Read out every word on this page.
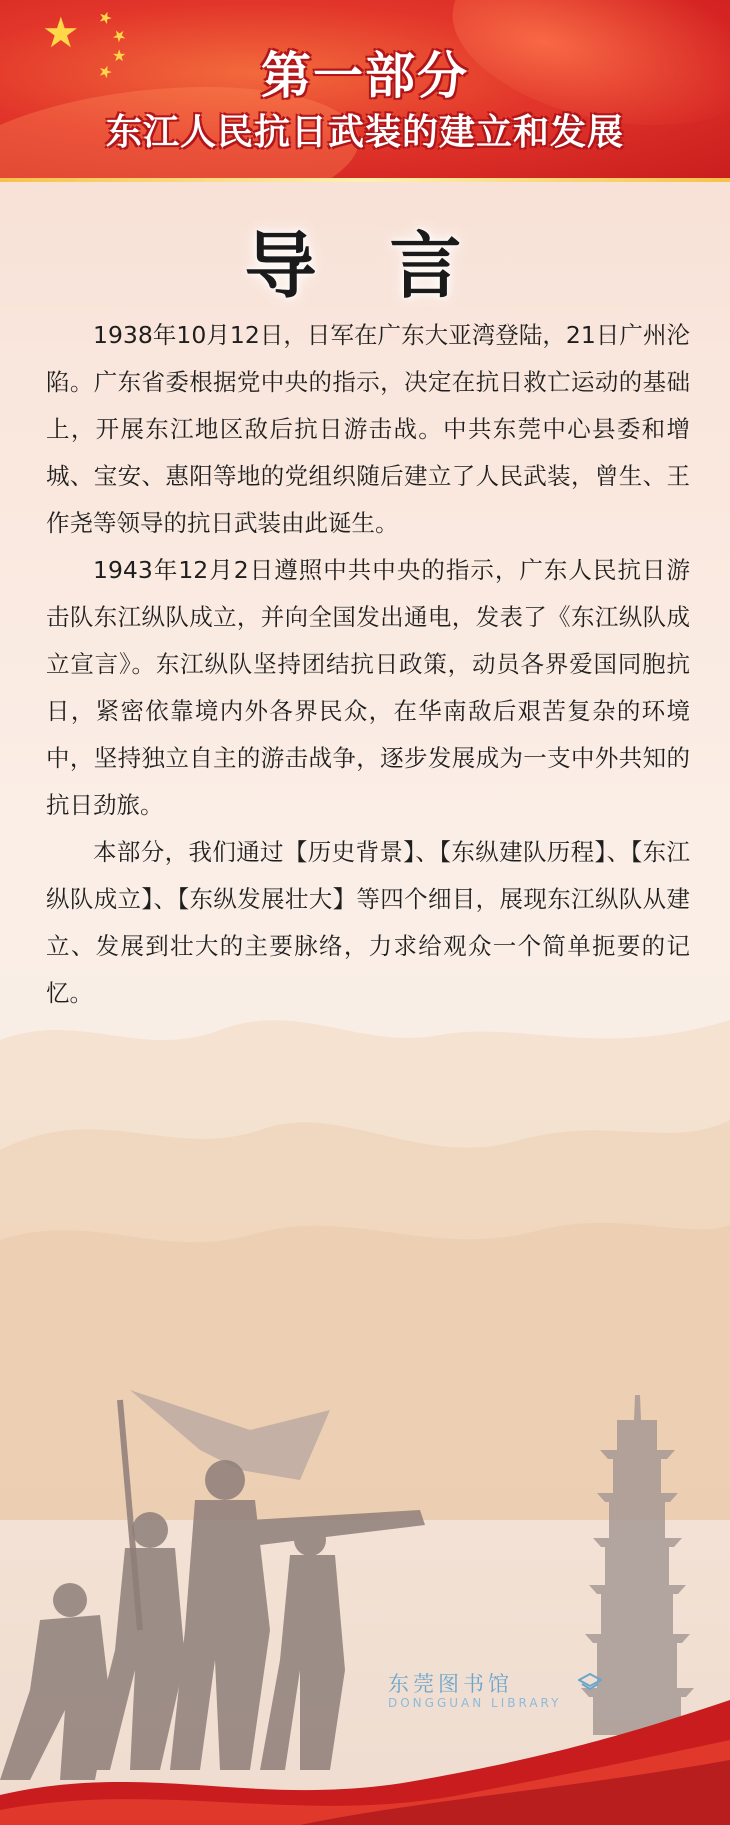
★ ★
★
★
★	第一部分
东江人民抗日武装的建立和发展
导 言
东莞图书馆
DONGGUAN LIBRARY

1938年10月12日，日军在广东大亚湾登陆，21日广州沦陷。广东省委根据党中央的指示，决定在抗日救亡运动的基础上，开展东江地区敌后抗日游击战。中共东莞中心县委和增城、宝安、惠阳等地的党组织随后建立了人民武装，曾生、王作尧等领导的抗日武装由此诞生。

1943年12月2日遵照中共中央的指示，广东人民抗日游击队东江纵队成立，并向全国发出通电，发表了《东江纵队成立宣言》。东江纵队坚持团结抗日政策，动员各界爱国同胞抗日，紧密依靠境内外各界民众，在华南敌后艰苦复杂的环境中，坚持独立自主的游击战争，逐步发展成为一支中外共知的抗日劲旅。

本部分，我们通过【历史背景】、【东纵建队历程】、【东江纵队成立】、【东纵发展壮大】等四个细目，展现东江纵队从建立、发展到壮大的主要脉络，力求给观众一个简单扼要的记忆。
